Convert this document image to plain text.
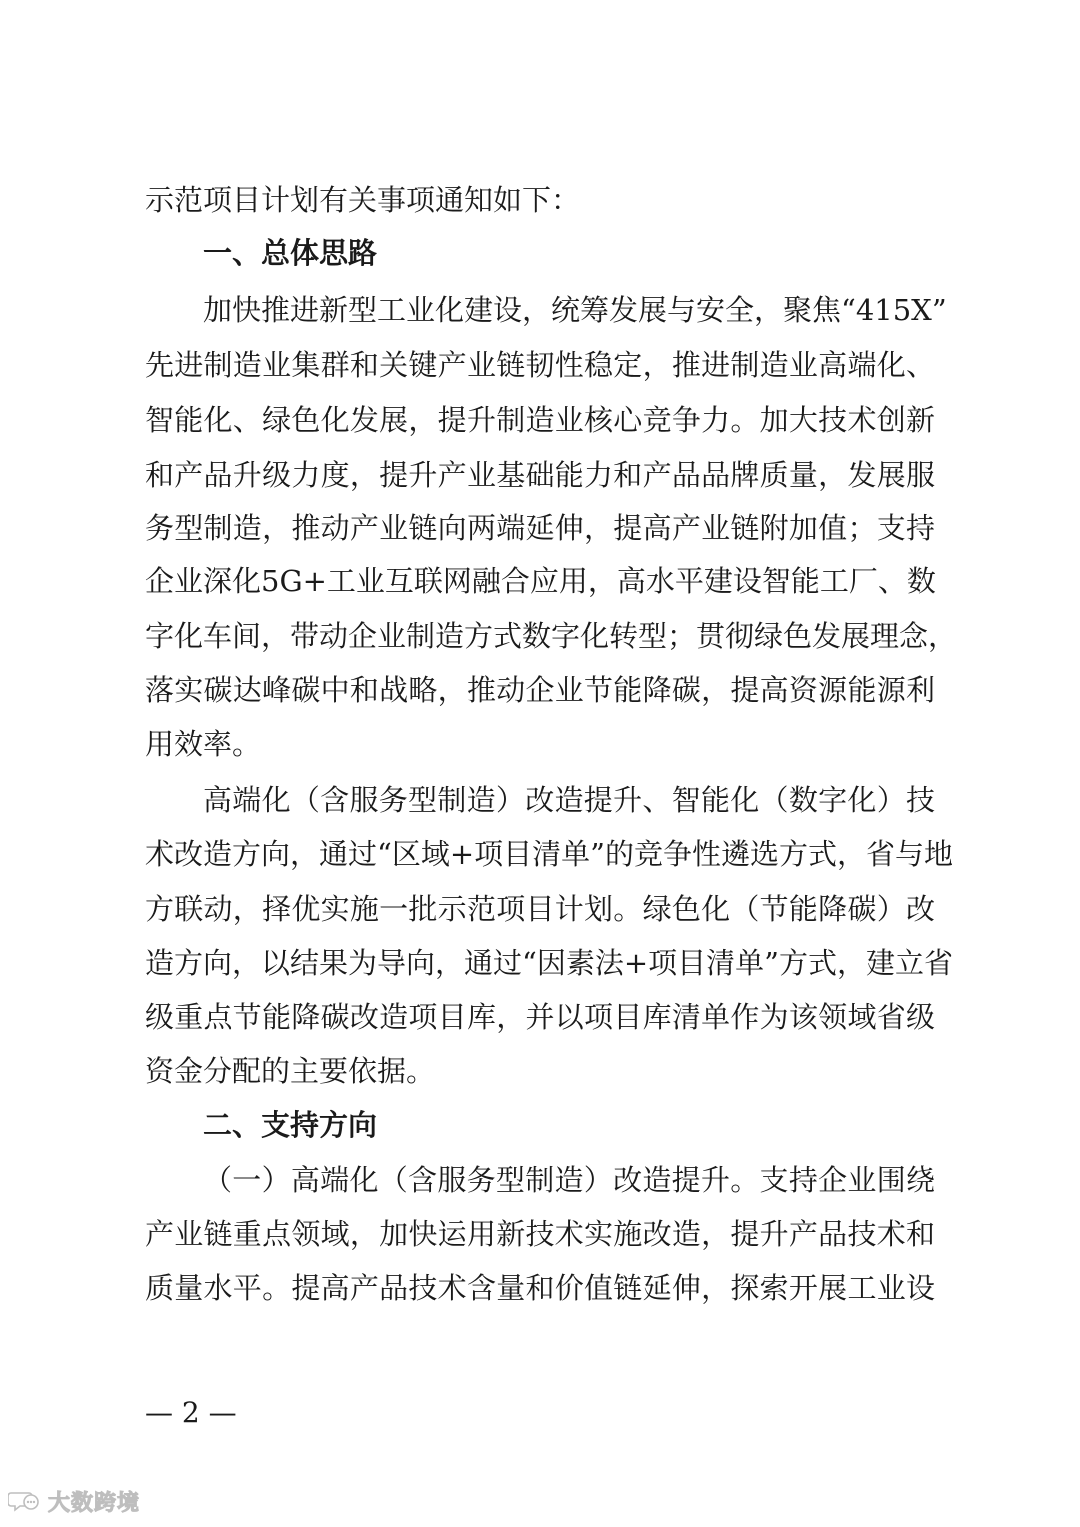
示范项目计划有关事项通知如下：
一、总体思路
加快推进新型工业化建设，统筹发展与安全，聚焦“415X”
先进制造业集群和关键产业链韧性稳定，推进制造业高端化、
智能化、绿色化发展，提升制造业核心竞争力。加大技术创新
和产品升级力度，提升产业基础能力和产品品牌质量，发展服
务型制造，推动产业链向两端延伸，提高产业链附加值；支持
企业深化5G+工业互联网融合应用，高水平建设智能工厂、数
字化车间，带动企业制造方式数字化转型；贯彻绿色发展理念，
落实碳达峰碳中和战略，推动企业节能降碳，提高资源能源利
用效率。
高端化（含服务型制造）改造提升、智能化（数字化）技
术改造方向，通过“区域+项目清单”的竞争性遴选方式，省与地
方联动，择优实施一批示范项目计划。绿色化（节能降碳）改
造方向，以结果为导向，通过“因素法+项目清单”方式，建立省
级重点节能降碳改造项目库，并以项目库清单作为该领域省级
资金分配的主要依据。
二、支持方向
（一）高端化（含服务型制造）改造提升。支持企业围绕
产业链重点领域，加快运用新技术实施改造，提升产品技术和
质量水平。提高产品技术含量和价值链延伸，探索开展工业设
— 2 —
大数跨境
